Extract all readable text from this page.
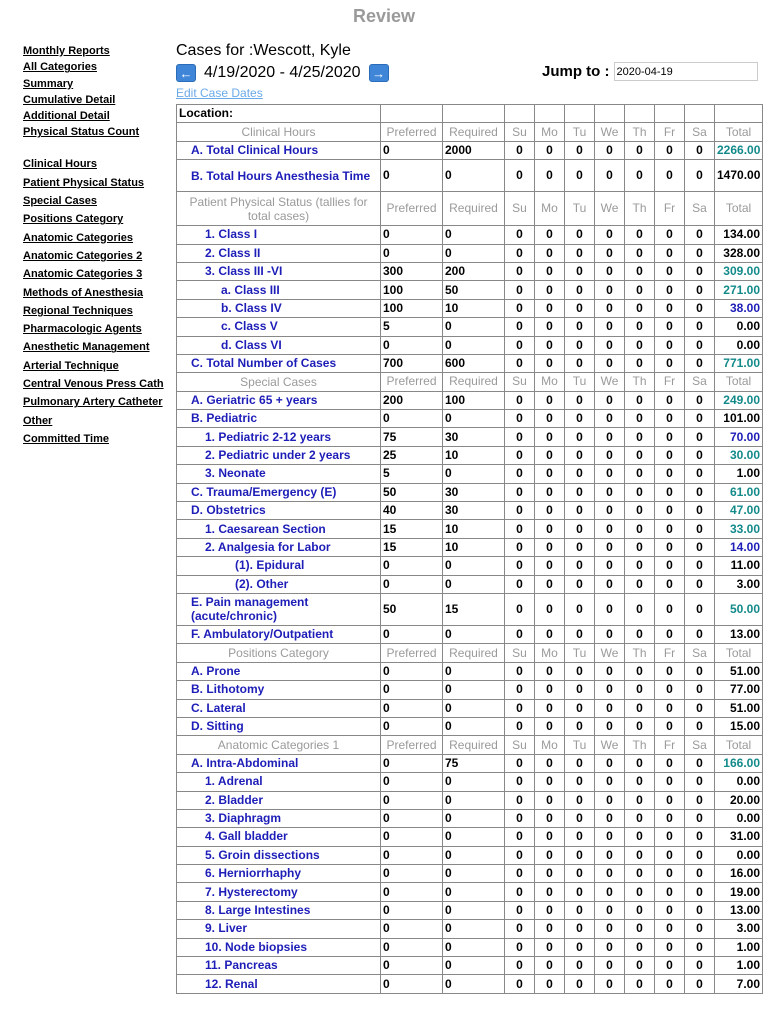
Review
Monthly Reports
All Categories
Summary
Cumulative Detail
Additional Detail
Physical Status Count
Clinical Hours
Patient Physical Status
Special Cases
Positions Category
Anatomic Categories
Anatomic Categories 2
Anatomic Categories 3
Methods of Anesthesia
Regional Techniques
Pharmacologic Agents
Anesthetic Management
Arterial Technique
Central Venous Press Cath
Pulmonary Artery Catheter
Other
Committed Time
Cases for :Wescott, Kyle
← 4/19/2020 - 4/25/2020 →	Jump to :
2020-04-19
Edit Case Dates
Location:										
Clinical Hours	Preferred	Required	Su	Mo	Tu	We	Th	Fr	Sa	Total
A. Total Clinical Hours	0	2000	0	0	0	0	0	0	0	2266.00
B. Total Hours Anesthesia Time	0	0	0	0	0	0	0	0	0	1470.00
Patient Physical Status (tallies for total cases)	Preferred	Required	Su	Mo	Tu	We	Th	Fr	Sa	Total
1. Class I	0	0	0	0	0	0	0	0	0	134.00
2. Class II	0	0	0	0	0	0	0	0	0	328.00
3. Class III -VI	300	200	0	0	0	0	0	0	0	309.00
a. Class III	100	50	0	0	0	0	0	0	0	271.00
b. Class IV	100	10	0	0	0	0	0	0	0	38.00
c. Class V	5	0	0	0	0	0	0	0	0	0.00
d. Class VI	0	0	0	0	0	0	0	0	0	0.00
C. Total Number of Cases	700	600	0	0	0	0	0	0	0	771.00
Special Cases	Preferred	Required	Su	Mo	Tu	We	Th	Fr	Sa	Total
A. Geriatric 65 + years	200	100	0	0	0	0	0	0	0	249.00
B. Pediatric	0	0	0	0	0	0	0	0	0	101.00
1. Pediatric 2-12 years	75	30	0	0	0	0	0	0	0	70.00
2. Pediatric under 2 years	25	10	0	0	0	0	0	0	0	30.00
3. Neonate	5	0	0	0	0	0	0	0	0	1.00
C. Trauma/Emergency (E)	50	30	0	0	0	0	0	0	0	61.00
D. Obstetrics	40	30	0	0	0	0	0	0	0	47.00
1. Caesarean Section	15	10	0	0	0	0	0	0	0	33.00
2. Analgesia for Labor	15	10	0	0	0	0	0	0	0	14.00
(1). Epidural	0	0	0	0	0	0	0	0	0	11.00
(2). Other	0	0	0	0	0	0	0	0	0	3.00
E. Pain management (acute/chronic)	50	15	0	0	0	0	0	0	0	50.00
F. Ambulatory/Outpatient	0	0	0	0	0	0	0	0	0	13.00
Positions Category	Preferred	Required	Su	Mo	Tu	We	Th	Fr	Sa	Total
A. Prone	0	0	0	0	0	0	0	0	0	51.00
B. Lithotomy	0	0	0	0	0	0	0	0	0	77.00
C. Lateral	0	0	0	0	0	0	0	0	0	51.00
D. Sitting	0	0	0	0	0	0	0	0	0	15.00
Anatomic Categories 1	Preferred	Required	Su	Mo	Tu	We	Th	Fr	Sa	Total
A. Intra-Abdominal	0	75	0	0	0	0	0	0	0	166.00
1. Adrenal	0	0	0	0	0	0	0	0	0	0.00
2. Bladder	0	0	0	0	0	0	0	0	0	20.00
3. Diaphragm	0	0	0	0	0	0	0	0	0	0.00
4. Gall bladder	0	0	0	0	0	0	0	0	0	31.00
5. Groin dissections	0	0	0	0	0	0	0	0	0	0.00
6. Herniorrhaphy	0	0	0	0	0	0	0	0	0	16.00
7. Hysterectomy	0	0	0	0	0	0	0	0	0	19.00
8. Large Intestines	0	0	0	0	0	0	0	0	0	13.00
9. Liver	0	0	0	0	0	0	0	0	0	3.00
10. Node biopsies	0	0	0	0	0	0	0	0	0	1.00
11. Pancreas	0	0	0	0	0	0	0	0	0	1.00
12. Renal	0	0	0	0	0	0	0	0	0	7.00
